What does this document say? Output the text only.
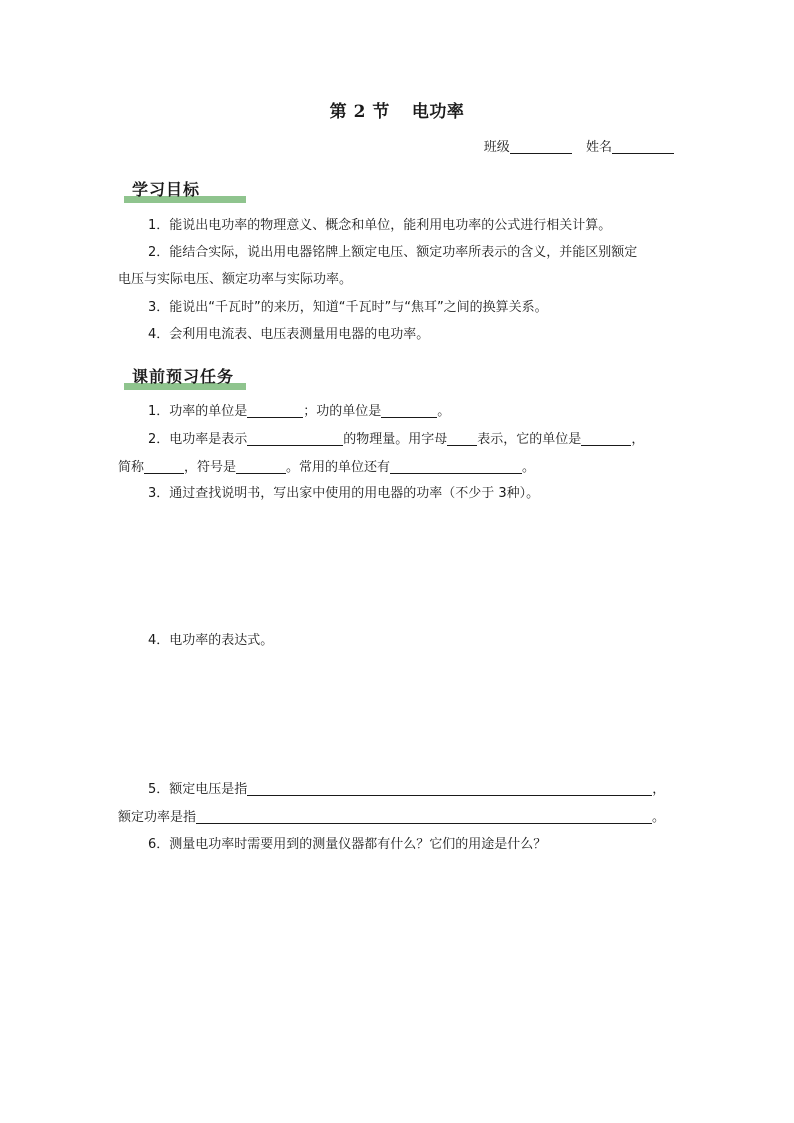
第 2 节 电功率
班级	姓名
学习目标
1．能说出电功率的物理意义、概念和单位，能利用电功率的公式进行相关计算。
2．能结合实际，说出用电器铭牌上额定电压、额定功率所表示的含义，并能区别额定
电压与实际电压、额定功率与实际功率。
3．能说出“千瓦时”的来历，知道“千瓦时”与“焦耳”之间的换算关系。
4．会利用电流表、电压表测量用电器的电功率。
课前预习任务
1．功率的单位是	；功的单位是	。
2．电功率是表示	的物理量。用字母 表示，它的单位是	，
简称	，符号是	。常用的单位还有	。
3．通过查找说明书，写出家中使用的用电器的功率（不少于 3种）。
4．电功率的表达式。
5．额定电压是指	，
额定功率是指	。
6．测量电功率时需要用到的测量仪器都有什么？它们的用途是什么？
